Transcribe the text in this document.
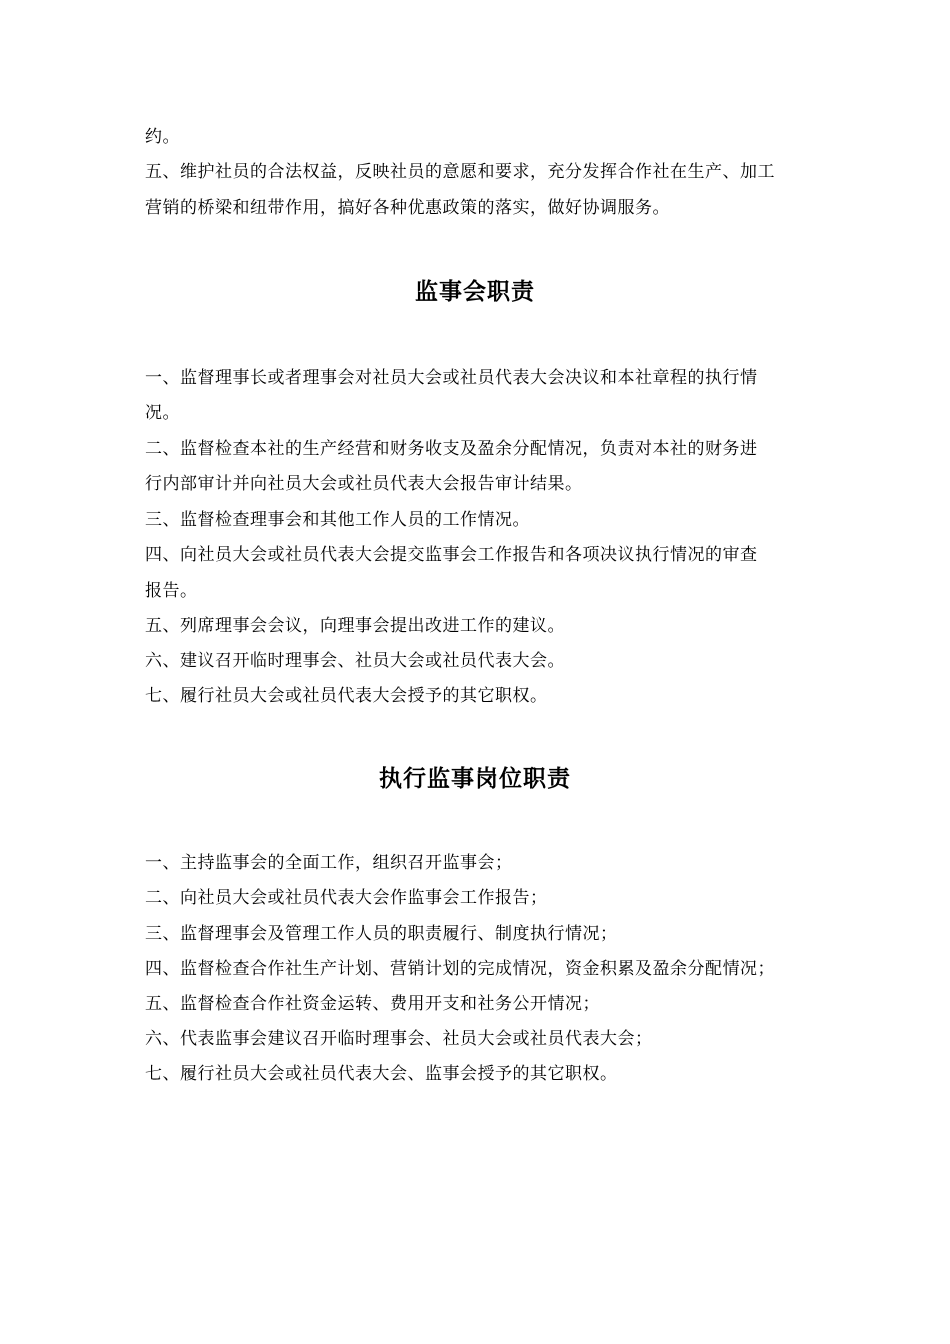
约。
五、维护社员的合法权益，反映社员的意愿和要求，充分发挥合作社在生产、加工
营销的桥梁和纽带作用，搞好各种优惠政策的落实，做好协调服务。
监事会职责
一、监督理事长或者理事会对社员大会或社员代表大会决议和本社章程的执行情
况。
二、监督检查本社的生产经营和财务收支及盈余分配情况，负责对本社的财务进
行内部审计并向社员大会或社员代表大会报告审计结果。
三、监督检查理事会和其他工作人员的工作情况。
四、向社员大会或社员代表大会提交监事会工作报告和各项决议执行情况的审查
报告。
五、列席理事会会议，向理事会提出改进工作的建议。
六、建议召开临时理事会、社员大会或社员代表大会。
七、履行社员大会或社员代表大会授予的其它职权。
执行监事岗位职责
一、主持监事会的全面工作，组织召开监事会；
二、向社员大会或社员代表大会作监事会工作报告；
三、监督理事会及管理工作人员的职责履行、制度执行情况；
四、监督检查合作社生产计划、营销计划的完成情况，资金积累及盈余分配情况；
五、监督检查合作社资金运转、费用开支和社务公开情况；
六、代表监事会建议召开临时理事会、社员大会或社员代表大会；
七、履行社员大会或社员代表大会、监事会授予的其它职权。
